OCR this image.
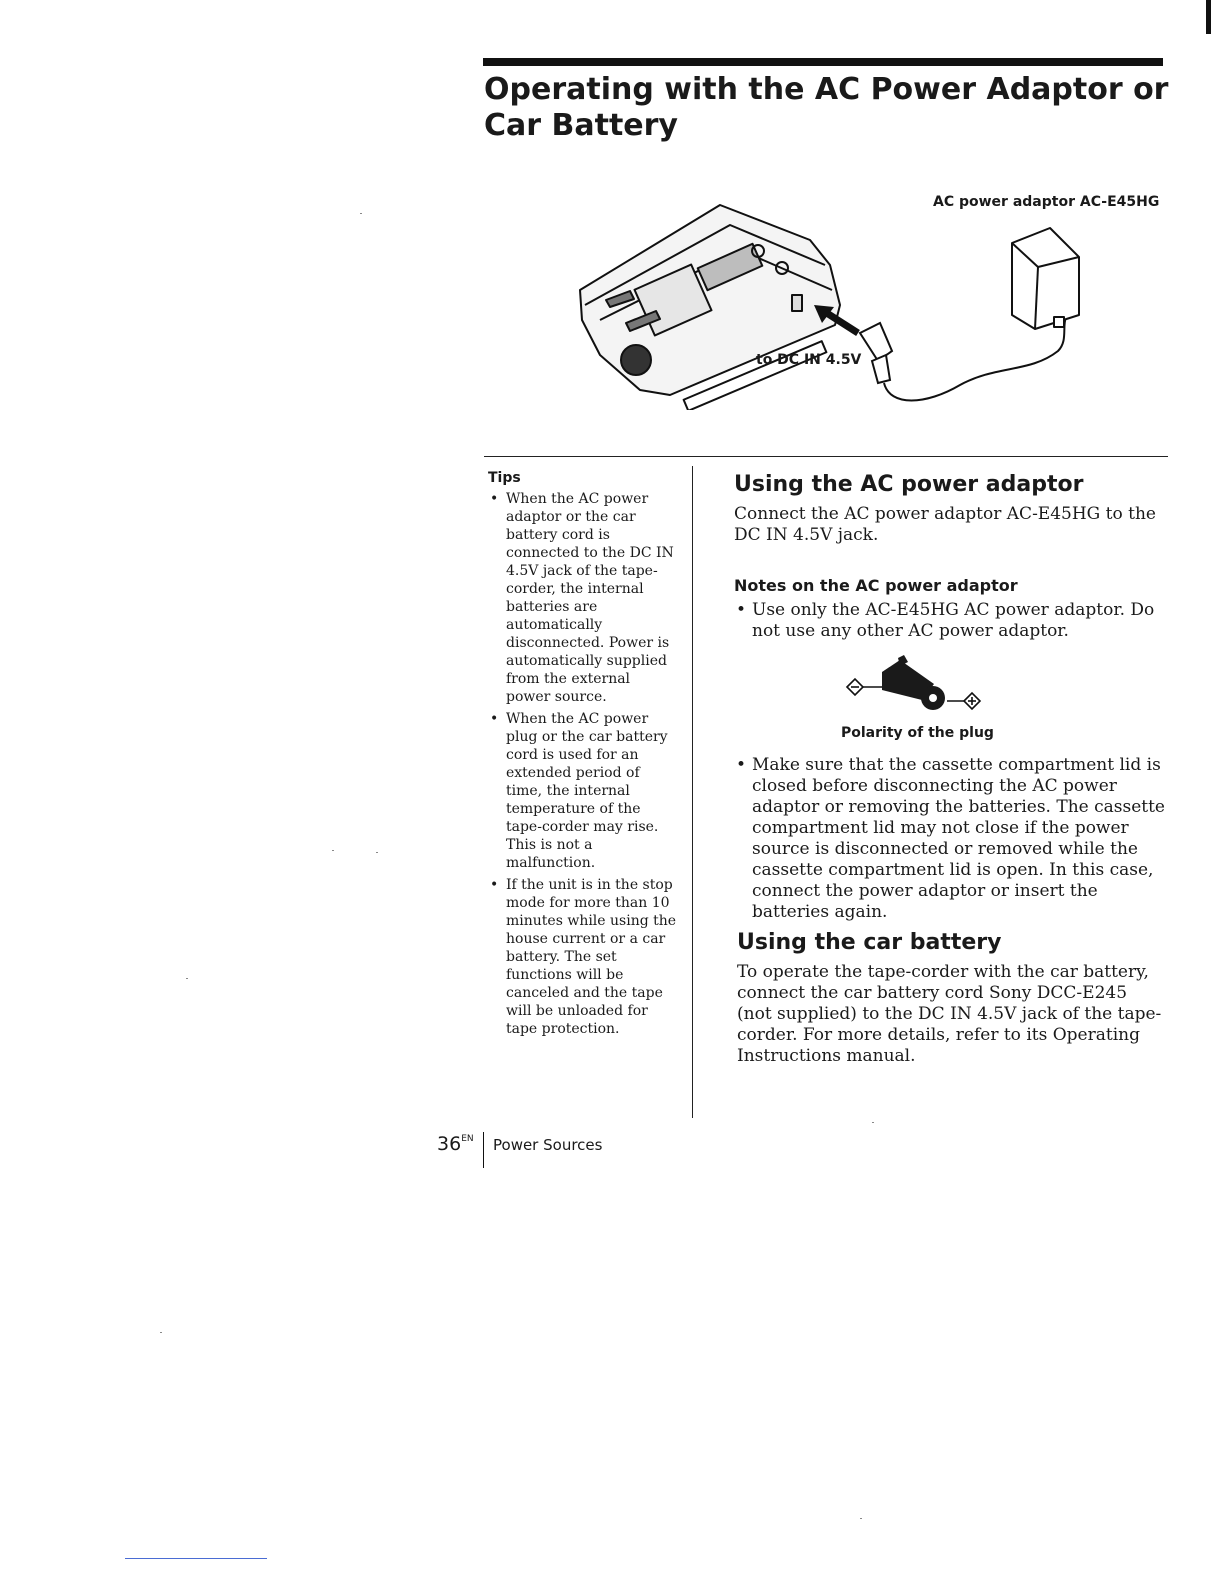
Operating with the AC Power Adaptor or Car Battery
AC power adaptor AC-E45HG
to DC IN 4.5V
Tips
• When the AC power adaptor or the car battery cord is connected to the DC IN 4.5V jack of the tape-corder, the internal batteries are automatically disconnected. Power is automatically supplied from the external power source.
• When the AC power plug or the car battery cord is used for an extended period of time, the internal temperature of the tape-corder may rise. This is not a malfunction.
• If the unit is in the stop mode for more than 10 minutes while using the house current or a car battery. The set functions will be canceled and the tape will be unloaded for tape protection.
Using the AC power adaptor

Connect the AC power adaptor AC-E45HG to the DC IN 4.5V jack.

Notes on the AC power adaptor
• Use only the AC-E45HG AC power adaptor. Do not use any other AC power adaptor.
Polarity of the plug
• Make sure that the cassette compartment lid is closed before disconnecting the AC power adaptor or removing the batteries. The cassette compartment lid may not close if the power source is disconnected or removed while the cassette compartment lid is open. In this case, connect the power adaptor or insert the batteries again.
Using the car battery

To operate the tape-corder with the car battery, connect the car battery cord Sony DCC-E245 (not supplied) to the DC IN 4.5V jack of the tape-corder. For more details, refer to its Operating Instructions manual.

$36^{EN}$ Power Sources
